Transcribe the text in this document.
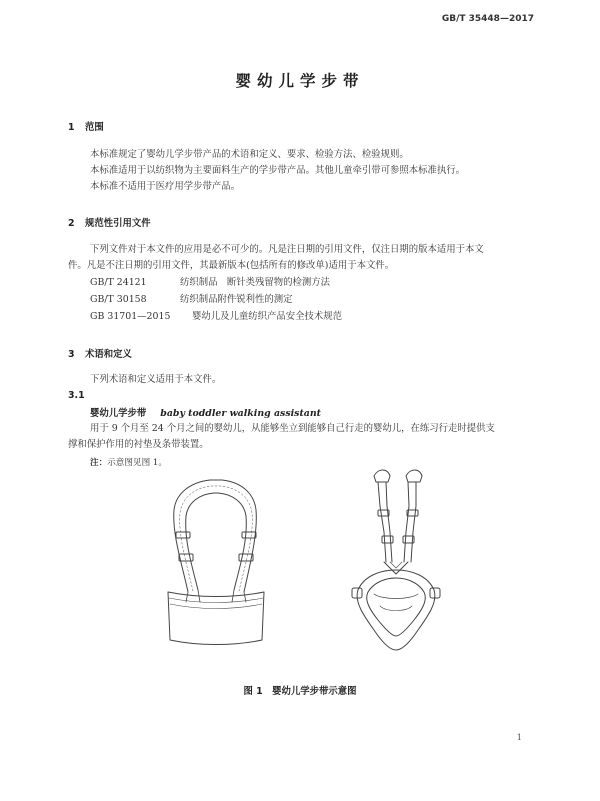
GB/T 35448—2017
婴幼儿学步带
1 范围
本标准规定了婴幼儿学步带产品的术语和定义、要求、检验方法、检验规则。
本标准适用于以纺织物为主要面料生产的学步带产品。其他儿童牵引带可参照本标准执行。
本标准不适用于医疗用学步带产品。
2 规范性引用文件
下列文件对于本文件的应用是必不可少的。凡是注日期的引用文件，仅注日期的版本适用于本文
件。凡是不注日期的引用文件，其最新版本(包括所有的修改单)适用于本文件。
GB/T 24121	纺织制品　断针类残留物的检测方法
GB/T 30158	纺织制品附件锐利性的测定
GB 31701—2015 婴幼儿及儿童纺织产品安全技术规范
3 术语和定义
下列术语和定义适用于本文件。
3.1
婴幼儿学步带 baby toddler walking assistant
用于 9 个月至 24 个月之间的婴幼儿，从能够坐立到能够自己行走的婴幼儿，在练习行走时提供支
撑和保护作用的衬垫及条带装置。
注：示意图见图 1。
图 1　婴幼儿学步带示意图
1
